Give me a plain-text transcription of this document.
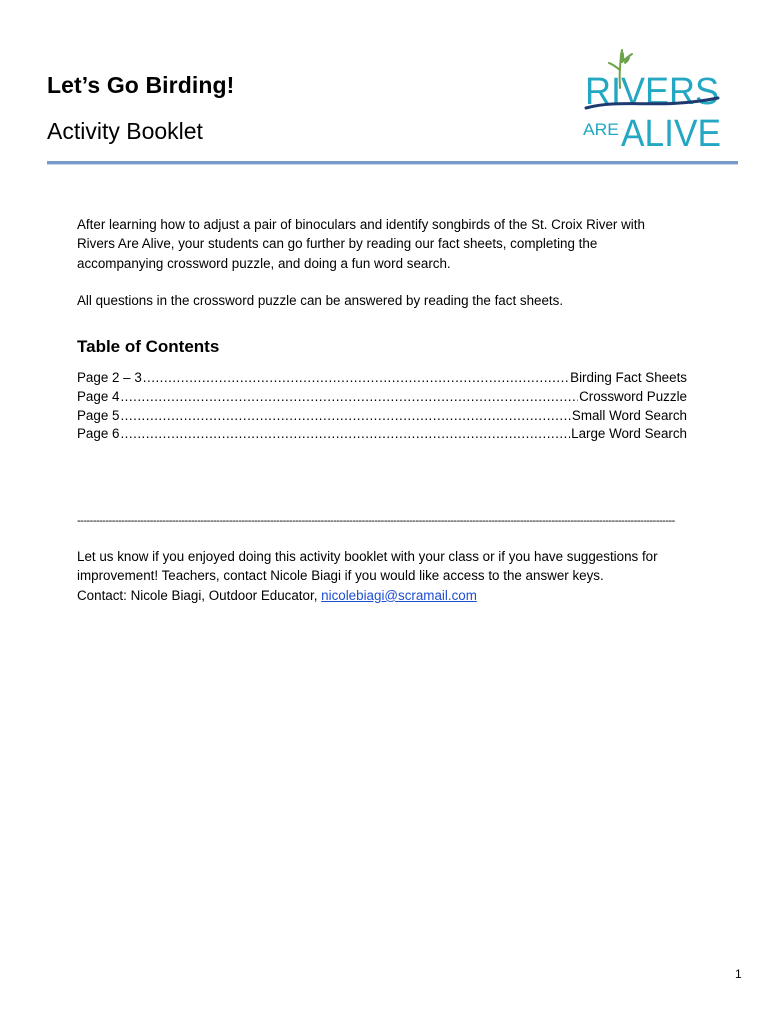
Let’s Go Birding!
Activity Booklet
RIVERS
ARE ALIVE
After learning how to adjust a pair of binoculars and identify songbirds of the St. Croix River with
Rivers Are Alive, your students can go further by reading our fact sheets, completing the
accompanying crossword puzzle, and doing a fun word search.
All questions in the crossword puzzle can be answered by reading the fact sheets.
Table of Contents
Page 2 – 3 .....	Birding Fact Sheets
Page 4 .....	Crossword Puzzle
Page 5 .....	Small Word Search
Page 6 .....	Large Word Search
---------------------------------------------------------------------------------------------------------------------------------------------------------------------------------------------
Let us know if you enjoyed doing this activity booklet with your class or if you have suggestions for
improvement! Teachers, contact Nicole Biagi if you would like access to the answer keys.
Contact: Nicole Biagi, Outdoor Educator, nicolebiagi@scramail.com
1
